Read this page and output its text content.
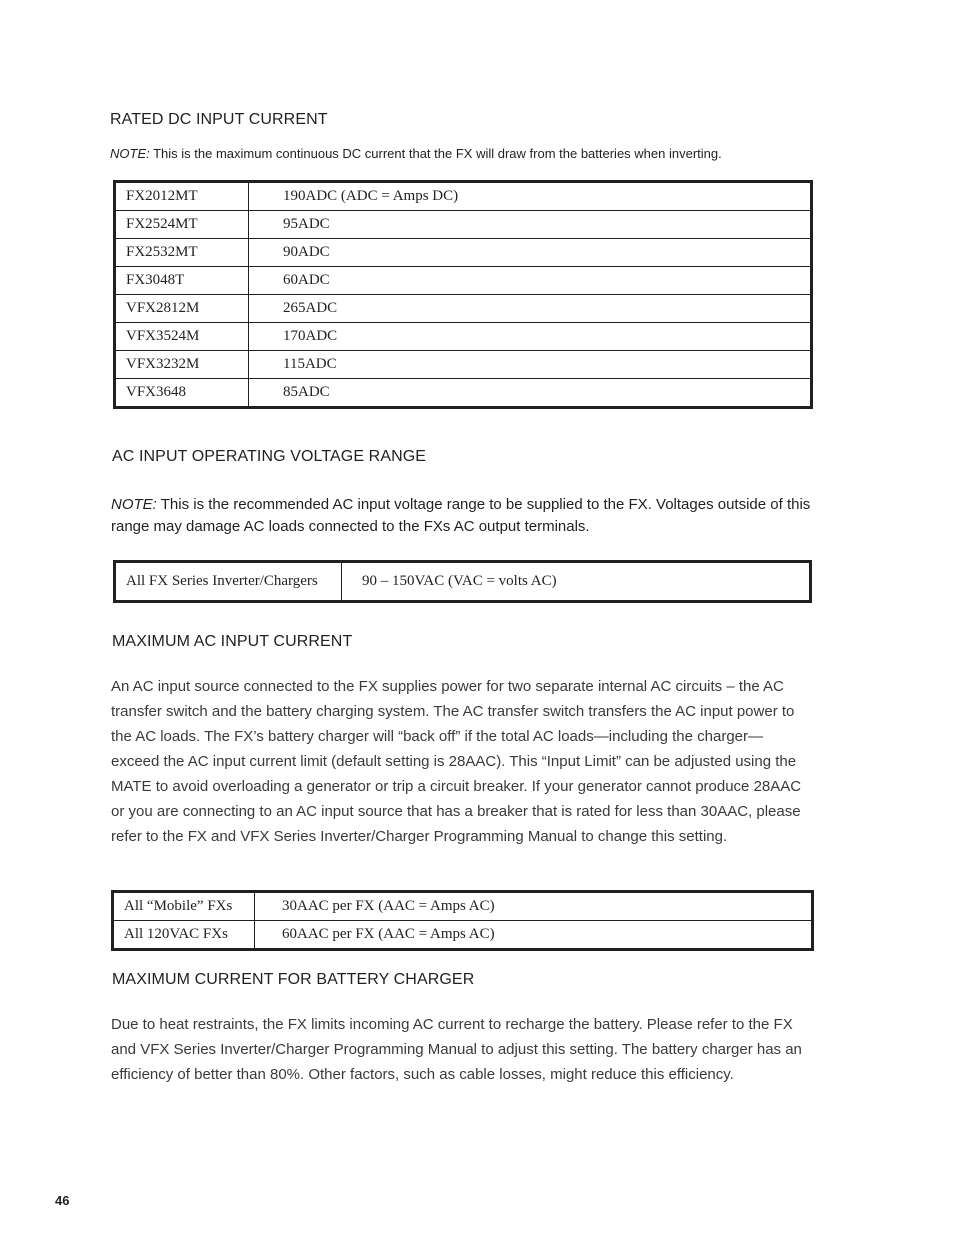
RATED DC INPUT CURRENT
NOTE: This is the maximum continuous DC current that the FX will draw from the batteries when inverting.
FX2012MT	190ADC (ADC = Amps DC)
FX2524MT	95ADC
FX2532MT	90ADC
FX3048T	60ADC
VFX2812M	265ADC
VFX3524M	170ADC
VFX3232M	115ADC
VFX3648	85ADC
AC INPUT OPERATING VOLTAGE RANGE
NOTE: This is the recommended AC input voltage range to be supplied to the FX. Voltages outside of this range may damage AC loads connected to the FXs AC output terminals.
All FX Series Inverter/Chargers	90 – 150VAC (VAC = volts AC)
MAXIMUM AC INPUT CURRENT
An AC input source connected to the FX supplies power for two separate internal AC circuits – the AC transfer switch and the battery charging system. The AC transfer switch transfers the AC input power to the AC loads. The FX’s battery charger will “back off” if the total AC loads—including the charger—exceed the AC input current limit (default setting is 28AAC). This “Input Limit” can be adjusted using the MATE to avoid overloading a generator or trip a circuit breaker. If your generator cannot produce 28AAC or you are connecting to an AC input source that has a breaker that is rated for less than 30AAC, please refer to the FX and VFX Series Inverter/Charger Programming Manual to change this setting.
All “Mobile” FXs	30AAC per FX (AAC = Amps AC)
All 120VAC FXs	60AAC per FX (AAC = Amps AC)
MAXIMUM CURRENT FOR BATTERY CHARGER
Due to heat restraints, the FX limits incoming AC current to recharge the battery. Please refer to the FX and VFX Series Inverter/Charger Programming Manual to adjust this setting. The battery charger has an efficiency of better than 80%. Other factors, such as cable losses, might reduce this efficiency.
46
